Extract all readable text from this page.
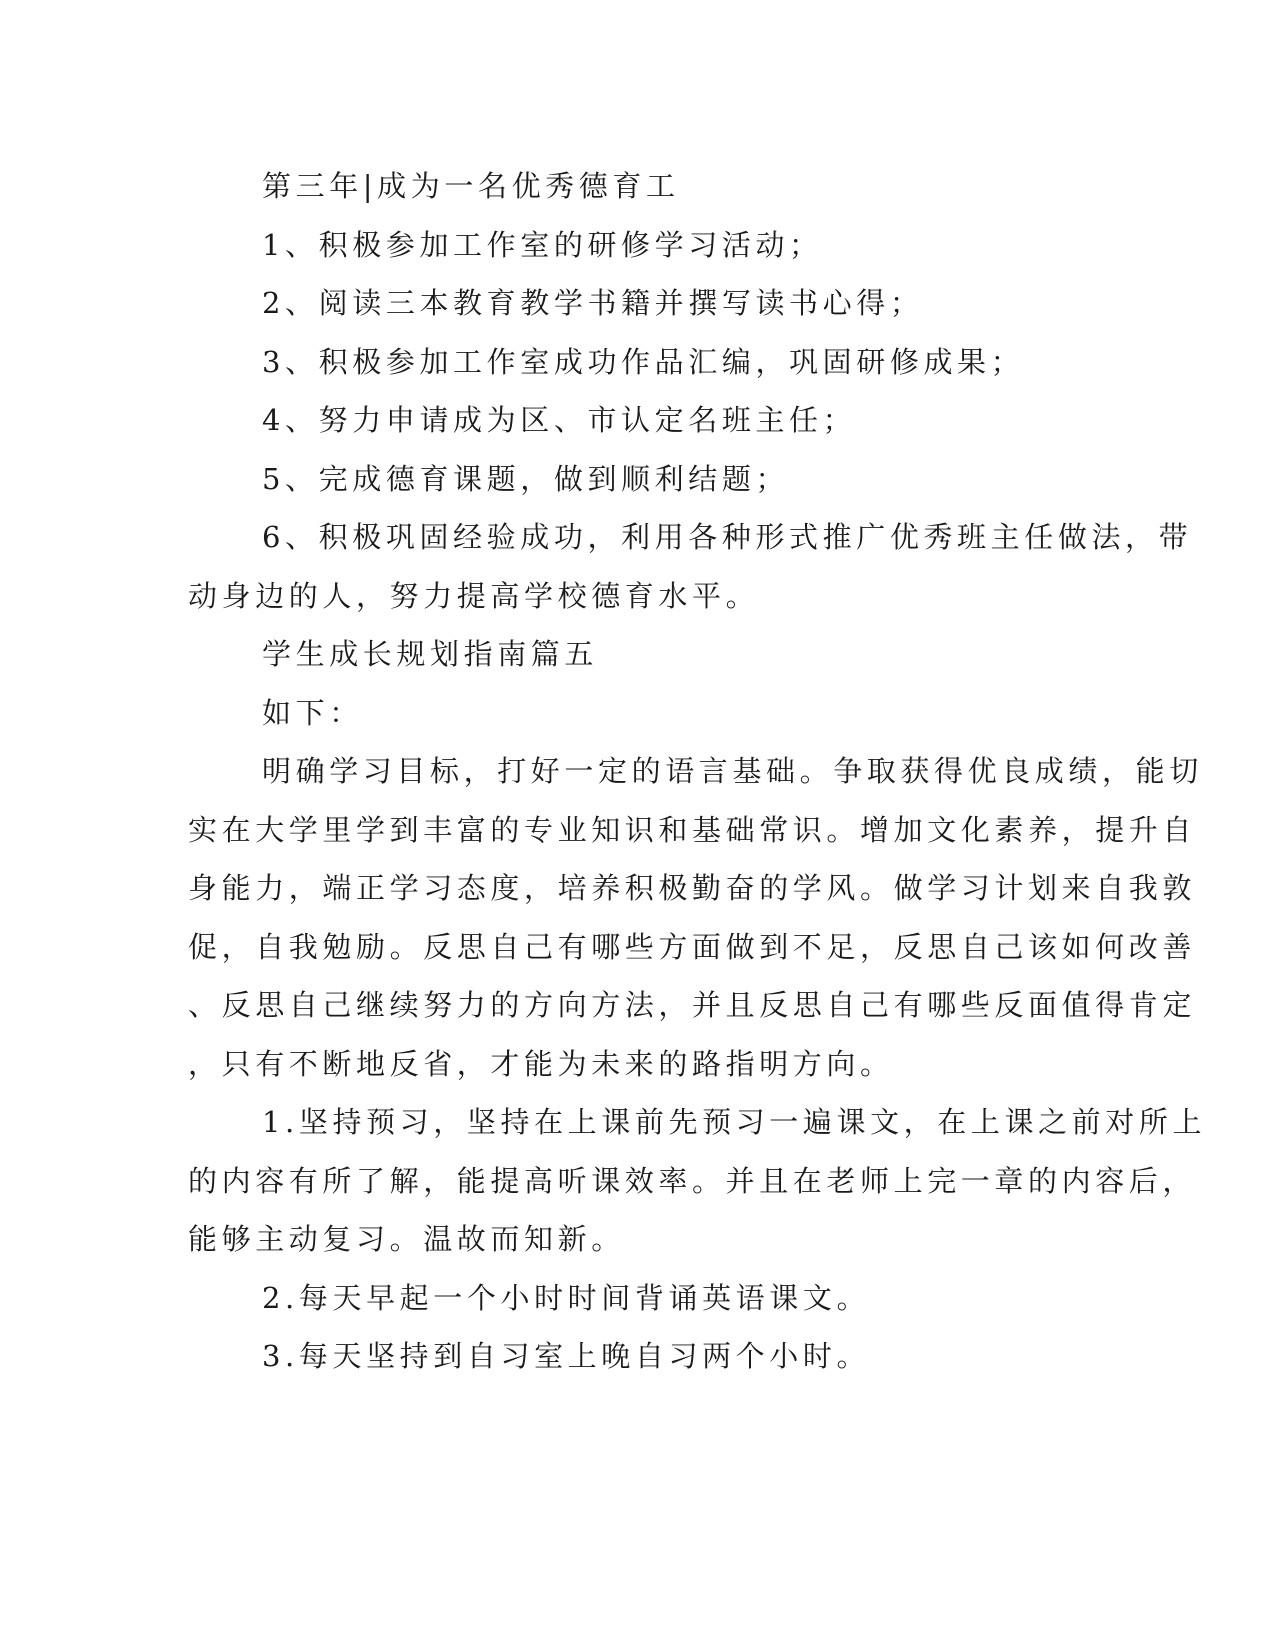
第三年|成为一名优秀德育工
1、积极参加工作室的研修学习活动；
2、阅读三本教育教学书籍并撰写读书心得；
3、积极参加工作室成功作品汇编，巩固研修成果；
4、努力申请成为区、市认定名班主任；
5、完成德育课题，做到顺利结题；
6、积极巩固经验成功，利用各种形式推广优秀班主任做法，带
动身边的人，努力提高学校德育水平。
学生成长规划指南篇五
如下：
明确学习目标，打好一定的语言基础。争取获得优良成绩，能切
实在大学里学到丰富的专业知识和基础常识。增加文化素养，提升自
身能力，端正学习态度，培养积极勤奋的学风。做学习计划来自我敦
促，自我勉励。反思自己有哪些方面做到不足，反思自己该如何改善
、反思自己继续努力的方向方法，并且反思自己有哪些反面值得肯定
，只有不断地反省，才能为未来的路指明方向。
1.坚持预习，坚持在上课前先预习一遍课文，在上课之前对所上
的内容有所了解，能提高听课效率。并且在老师上完一章的内容后，
能够主动复习。温故而知新。
2.每天早起一个小时时间背诵英语课文。
3.每天坚持到自习室上晚自习两个小时。
